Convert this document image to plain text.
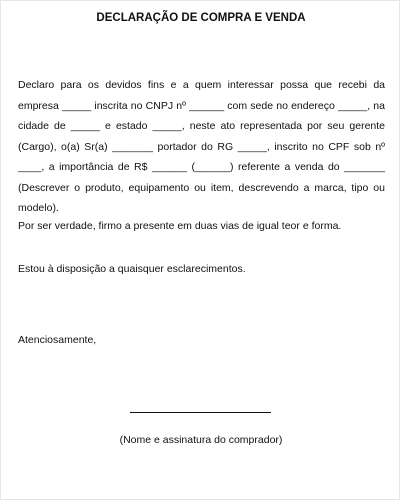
DECLARAÇÃO DE COMPRA E VENDA

Declaro para os devidos fins e a quem interessar possa que recebi da empresa _____ inscrita no CNPJ nº ______ com sede no endereço _____, na cidade de _____ e estado _____, neste ato representada por seu gerente (Cargo), o(a) Sr(a) _______ portador do RG _____, inscrito no CPF sob nº ____, a importância de R$ ______ (______) referente a venda do _______ (Descrever o produto, equipamento ou item, descrevendo a marca, tipo ou modelo).

Por ser verdade, firmo a presente em duas vias de igual teor e forma.

Estou à disposição a quaisquer esclarecimentos.

Atenciosamente,

(Nome e assinatura do comprador)
